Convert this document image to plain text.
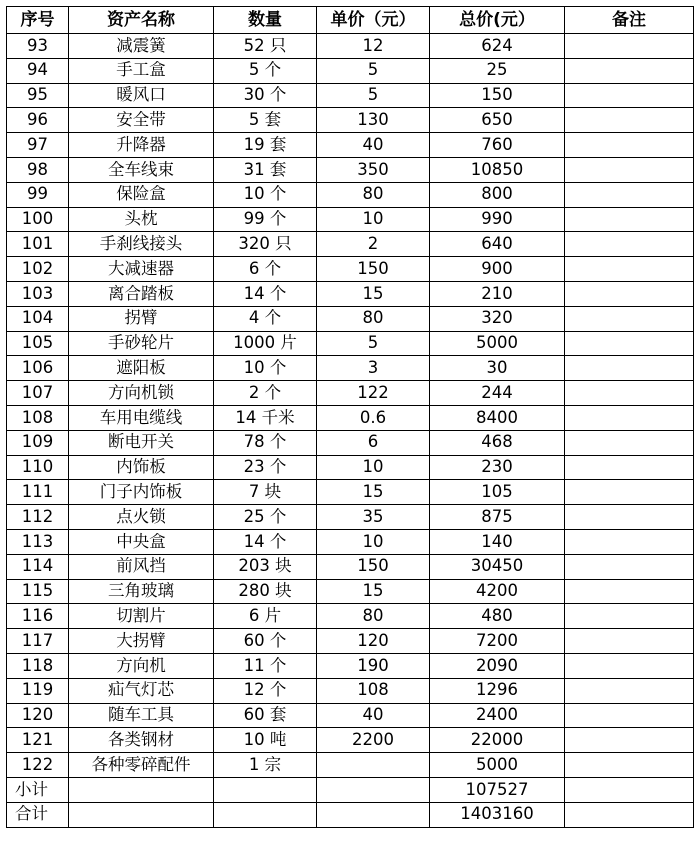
序号	资产名称	数量	单价（元）	总价(元）	备注
93	减震簧	52 只	12	624	
94	手工盒	5 个	5	25	
95	暖风口	30 个	5	150	
96	安全带	5 套	130	650	
97	升降器	19 套	40	760	
98	全车线束	31 套	350	10850	
99	保险盒	10 个	80	800	
100	头枕	99 个	10	990	
101	手刹线接头	320 只	2	640	
102	大减速器	6 个	150	900	
103	离合踏板	14 个	15	210	
104	拐臂	4 个	80	320	
105	手砂轮片	1000 片	5	5000	
106	遮阳板	10 个	3	30	
107	方向机锁	2 个	122	244	
108	车用电缆线	14 千米	0.6	8400	
109	断电开关	78 个	6	468	
110	内饰板	23 个	10	230	
111	门子内饰板	7 块	15	105	
112	点火锁	25 个	35	875	
113	中央盒	14 个	10	140	
114	前风挡	203 块	150	30450	
115	三角玻璃	280 块	15	4200	
116	切割片	6 片	80	480	
117	大拐臂	60 个	120	7200	
118	方向机	11 个	190	2090	
119	疝气灯芯	12 个	108	1296	
120	随车工具	60 套	40	2400	
121	各类钢材	10 吨	2200	22000	
122	各种零碎配件	1 宗		5000	
小计				107527	
合计				1403160	
